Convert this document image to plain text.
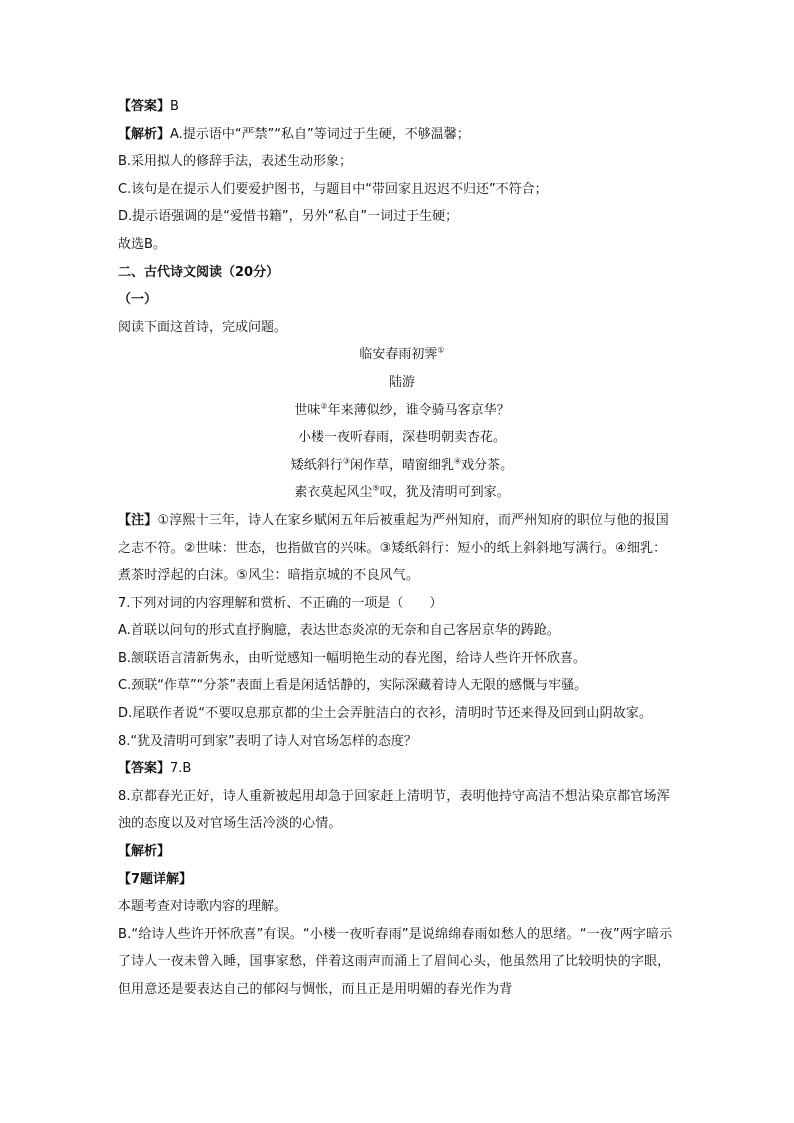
【答案】B
【解析】A.提示语中“严禁”“私自”等词过于生硬，不够温馨；
B.采用拟人的修辞手法，表述生动形象；
C.该句是在提示人们要爱护图书，与题目中“带回家且迟迟不归还”不符合；
D.提示语强调的是“爱惜书籍”，另外“私自”一词过于生硬；
故选B。
二、古代诗文阅读（20分）
（一）
阅读下面这首诗，完成问题。
临安春雨初霁①
陆游
世味②年来薄似纱，谁令骑马客京华？
小楼一夜听春雨，深巷明朝卖杏花。
矮纸斜行③闲作草，晴窗细乳④戏分茶。
素衣莫起风尘⑤叹，犹及清明可到家。
【注】①淳熙十三年，诗人在家乡赋闲五年后被重起为严州知府，而严州知府的职位与他的报国之志不符。②世味：世态，也指做官的兴味。③矮纸斜行：短小的纸上斜斜地写满行。④细乳：煮茶时浮起的白沫。⑤风尘：暗指京城的不良风气。
7.下列对词的内容理解和赏析、不正确的一项是（　　）
A.首联以问句的形式直抒胸臆，表达世态炎凉的无奈和自己客居京华的踌跄。
B.颔联语言清新隽永，由听觉感知一幅明艳生动的春光图，给诗人些许开怀欣喜。
C.颈联“作草”“分茶”表面上看是闲适恬静的，实际深藏着诗人无限的感慨与牢骚。
D.尾联作者说“不要叹息那京都的尘土会弄脏洁白的衣衫，清明时节还来得及回到山阴故家。
8.“犹及清明可到家”表明了诗人对官场怎样的态度？
【答案】7.B
8.京都春光正好，诗人重新被起用却急于回家赶上清明节，表明他持守高洁不想沾染京都官场浑浊的态度以及对官场生活冷淡的心情。
【解析】
【7题详解】
本题考查对诗歌内容的理解。
B.“给诗人些许开怀欣喜”有误。“小楼一夜听春雨”是说绵绵春雨如愁人的思绪。“一夜”两字暗示了诗人一夜未曾入睡，国事家愁，伴着这雨声而涌上了眉间心头，他虽然用了比较明快的字眼，但用意还是要表达自己的郁闷与惆怅，而且正是用明媚的春光作为背
